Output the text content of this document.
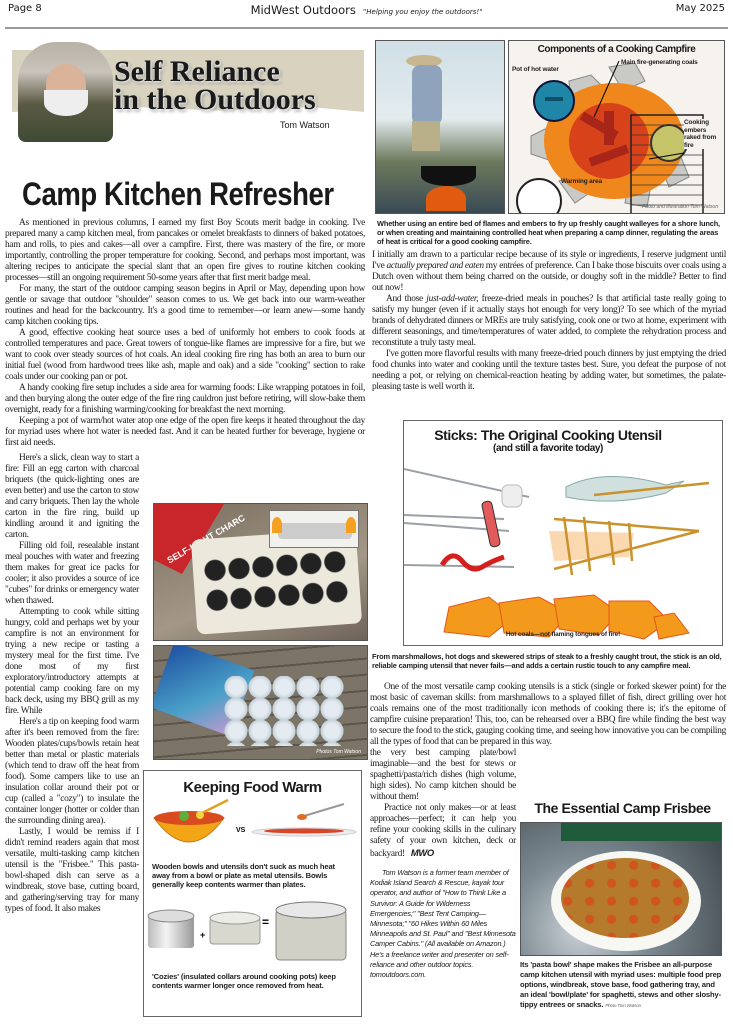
Page 8	MidWest Outdoors "Helping you enjoy the outdoors!"	May 2025
Self Reliance
in the Outdoors
Tom Watson
Camp Kitchen Refresher

As mentioned in previous columns, I earned my first Boy Scouts merit badge in cooking. I've prepared many a camp kitchen meal, from pancakes or omelet breakfasts to dinners of baked potatoes, ham and rolls, to pies and cakes—all over a campfire. First, there was mastery of the fire, or more importantly, controlling the proper temperature for cooking. Second, and perhaps most important, was altering recipes to anticipate the special slant that an open fire gives to routine kitchen cooking processes—still an ongoing requirement 50-some years after that first merit badge meal.

For many, the start of the outdoor camping season begins in April or May, depending upon how gentle or savage that outdoor "shoulder" season comes to us. We get back into our warm-weather routines and head for the backcountry. It's a good time to remember—or learn anew—some handy camp kitchen cooking tips.

A good, effective cooking heat source uses a bed of uniformly hot embers to cook foods at controlled temperatures and pace. Great towers of tongue-like flames are impressive for a fire, but we want to cook over steady sources of hot coals. An ideal cooking fire ring has both an area to burn our initial fuel (wood from hardwood trees like ash, maple and oak) and a side "cooking" section to rake coals under our cooking pan or pot.

A handy cooking fire setup includes a side area for warming foods: Like wrapping potatoes in foil, and then burying along the outer edge of the fire ring cauldron just before retiring, will slow-bake them overnight, ready for a finishing warming/cooking for breakfast the next morning.

Keeping a pot of warm/hot water atop one edge of the open fire keeps it heated throughout the day for myriad uses where hot water is needed fast. And it can be heated further for beverage, hygiene or first aid needs.

Here's a slick, clean way to start a fire: Fill an egg carton with charcoal briquets (the quick-lighting ones are even better) and use the carton to stow and carry briquets. Then lay the whole carton in the fire ring, build up kindling around it and igniting the carton.

Filling old foil, resealable instant meal pouches with water and freezing them makes for great ice packs for cooler; it also provides a source of ice "cubes" for drinks or emergency water when thawed.

Attempting to cook while sitting hungry, cold and perhaps wet by your campfire is not an environment for trying a new recipe or tasting a mystery meal for the first time. I've done most of my first exploratory/introductory attempts at potential camp cooking fare on my back deck, using my BBQ grill as my fire. While

Here's a tip on keeping food warm after it's been removed from the fire: Wooden plates/cups/bowls retain heat better than metal or plastic materials (which tend to draw off the heat from food). Some campers like to use an insulation collar around their pot or cup (called a "cozy") to insulate the container longer (hotter or colder than the surrounding dining area).

Lastly, I would be remiss if I didn't remind readers again that most versatile, multi-tasking camp kitchen utensil is the "Frisbee." This pasta-bowl-shaped dish can serve as a windbreak, stove base, cutting board, and gathering/serving tray for many types of food. It also makes

CHARC
Photos Tom Watson
Keeping Food Warm
VS
Wooden bowls and utensils don't suck as much heat away from a bowl or plate as metal utensils. Bowls generally keep contents warmer than plates.
+
=
'Cozies' (insulated collars around cooking pots) keep contents warmer longer once removed from heat.
Components of a Cooking Campfire
Pot of hot water
Main fire-generating coals
Cooking embers raked from fire
Warming area
Photo and illustration Tom Watson
Whether using an entire bed of flames and embers to fry up freshly caught walleyes for a shore lunch, or when creating and maintaining controlled heat when preparing a camp dinner, regulating the areas of heat is critical for a good cooking campfire.

I initially am drawn to a particular recipe because of its style or ingredients, I reserve judgment until I've actually prepared and eaten my entrées of preference. Can I bake those biscuits over coals using a Dutch oven without them being charred on the outside, or doughy soft in the middle? Better to find out now!

And those just-add-water, freeze-dried meals in pouches? Is that artificial taste really going to satisfy my hunger (even if it actually stays hot enough for very long)? To see which of the myriad brands of dehydrated dinners or MREs are truly satisfying, cook one or two at home, experiment with different seasonings, and time/temperatures of water added, to complete the rehydration process and reconstitute a truly tasty meal.

I've gotten more flavorful results with many freeze-dried pouch dinners by just emptying the dried food chunks into water and cooking until the texture tastes best. Sure, you defeat the purpose of not needing a pot, or relying on chemical-reaction heating by adding water, but sometimes, the palate-pleasing taste is well worth it.

Sticks: The Original Cooking Utensil
(and still a favorite today)
Hot coals—not flaming tongues of fire!
From marshmallows, hot dogs and skewered strips of steak to a freshly caught trout, the stick is an old, reliable camping utensil that never fails—and adds a certain rustic touch to any campfire meal.

One of the most versatile camp cooking utensils is a stick (single or forked skewer point) for the most basic of caveman skills: from marshmallows to a splayed fillet of fish, direct grilling over hot coals remains one of the most traditionally icon methods of cooking there is; it's the epitome of campfire cuisine preparation! This, too, can be rehearsed over a BBQ fire while finding the best way to secure the food to the stick, gauging cooking time, and seeing how innovative you can be compiling all the types of food that can be prepared in this way.

the very best camping plate/bowl imaginable—and the best for stews or spaghetti/pasta/rich dishes (high volume, high sides). No camp kitchen should be without them!

Practice not only makes—or at least approaches—perfect; it can help you refine your cooking skills in the culinary safety of your own kitchen, deck or backyard! MWO

Tom Watson is a former team member of Kodiak Island Search & Rescue, kayak tour operator, and author of "How to Think Like a Survivor: A Guide for Wilderness Emergencies;" "Best Tent Camping—Minnesota;" "60 Hikes Within 60 Miles Minneapolis and St. Paul" and "Best Minnesota Camper Cabins." (All available on Amazon.) He's a freelance writer and presenter on self-reliance and other outdoor topics. tomoutdoors.com.
The Essential Camp Frisbee
Its 'pasta bowl' shape makes the Frisbee an all-purpose camp kitchen utensil with myriad uses: multiple food prep options, windbreak, stove base, food gathering tray, and an ideal 'bowl/plate' for spaghetti, stews and other sloshy-tippy entrees or snacks. Photo Tom Watson
